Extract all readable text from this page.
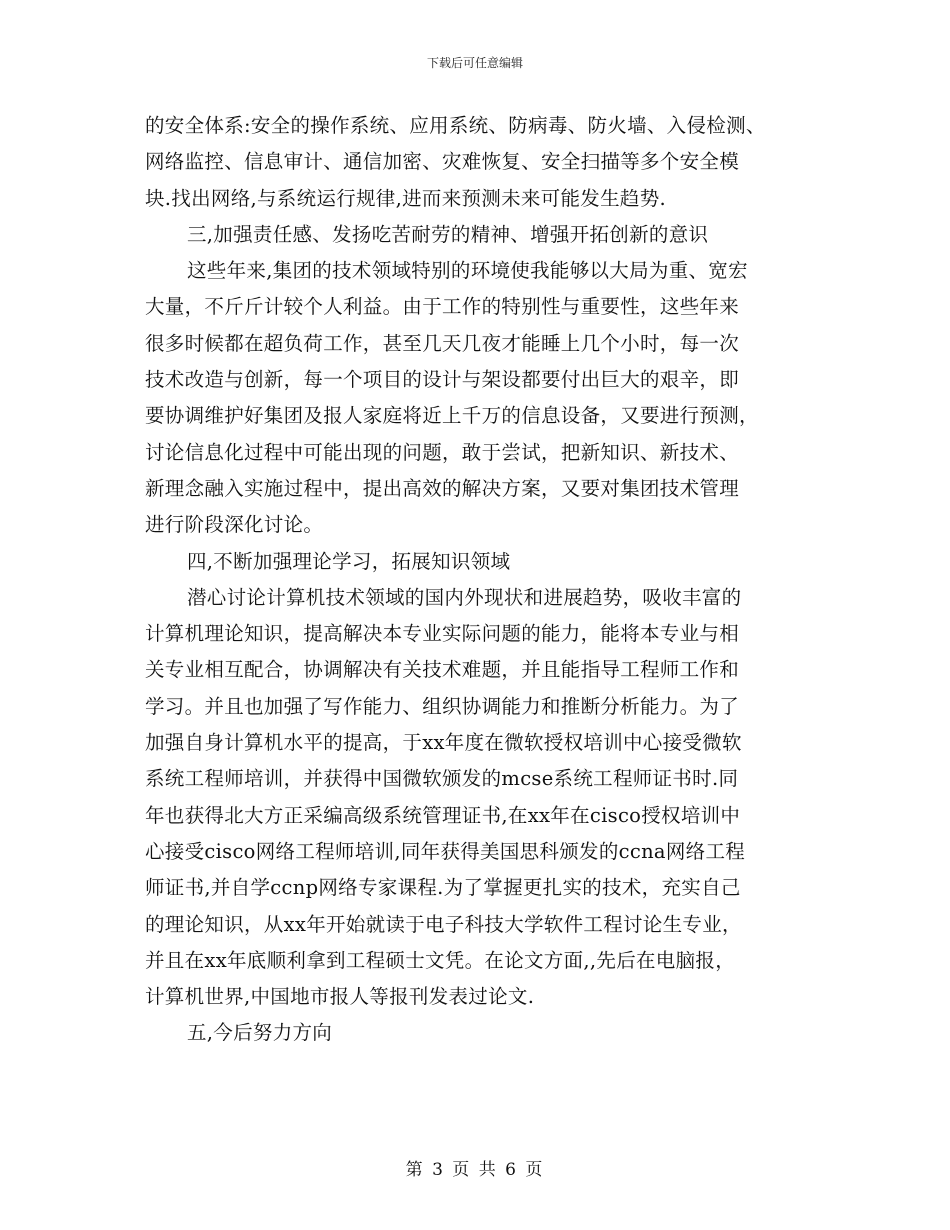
下载后可任意编辑
的安全体系:安全的操作系统、应用系统、防病毒、防火墙、入侵检测、
网络监控、信息审计、通信加密、灾难恢复、安全扫描等多个安全模
块.找出网络,与系统运行规律,进而来预测未来可能发生趋势.
三,加强责任感、发扬吃苦耐劳的精神、增强开拓创新的意识
这些年来,集团的技术领域特别的环境使我能够以大局为重、宽宏
大量，不斤斤计较个人利益。由于工作的特别性与重要性，这些年来
很多时候都在超负荷工作，甚至几天几夜才能睡上几个小时，每一次
技术改造与创新，每一个项目的设计与架设都要付出巨大的艰辛，即
要协调维护好集团及报人家庭将近上千万的信息设备，又要进行预测，
讨论信息化过程中可能出现的问题，敢于尝试，把新知识、新技术、
新理念融入实施过程中，提出高效的解决方案，又要对集团技术管理
进行阶段深化讨论。
四,不断加强理论学习，拓展知识领域
潜心讨论计算机技术领域的国内外现状和进展趋势，吸收丰富的
计算机理论知识，提高解决本专业实际问题的能力，能将本专业与相
关专业相互配合，协调解决有关技术难题，并且能指导工程师工作和
学习。并且也加强了写作能力、组织协调能力和推断分析能力。为了
加强自身计算机水平的提高，于xx年度在微软授权培训中心接受微软
系统工程师培训，并获得中国微软颁发的mcse系统工程师证书时.同
年也获得北大方正采编高级系统管理证书,在xx年在cisco授权培训中
心接受cisco网络工程师培训,同年获得美国思科颁发的ccna网络工程
师证书,并自学ccnp网络专家课程.为了掌握更扎实的技术，充实自己
的理论知识，从xx年开始就读于电子科技大学软件工程讨论生专业，
并且在xx年底顺利拿到工程硕士文凭。在论文方面,,先后在电脑报，
计算机世界,中国地市报人等报刊发表过论文.
五,今后努力方向
第 3 页 共 6 页
